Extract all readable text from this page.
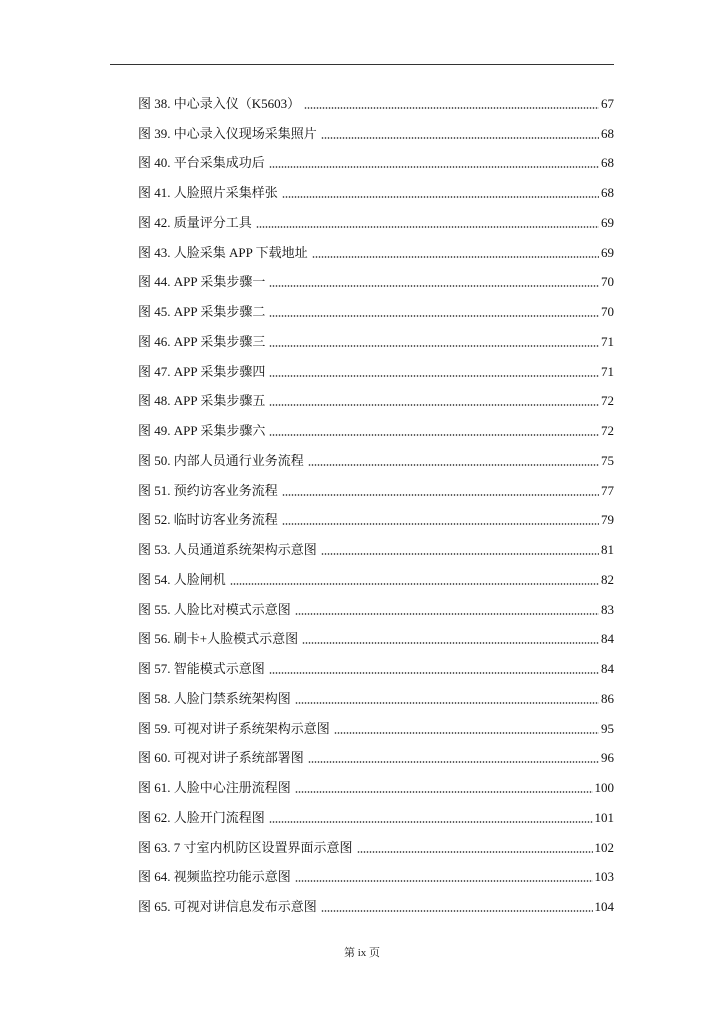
图 38. 中心录入仪（K5603）	67
图 39. 中心录入仪现场采集照片	68
图 40. 平台采集成功后	68
图 41. 人脸照片采集样张	68
图 42. 质量评分工具	69
图 43. 人脸采集 APP 下载地址	69
图 44. APP 采集步骤一	70
图 45. APP 采集步骤二	70
图 46. APP 采集步骤三	71
图 47. APP 采集步骤四	71
图 48. APP 采集步骤五	72
图 49. APP 采集步骤六	72
图 50. 内部人员通行业务流程	75
图 51. 预约访客业务流程	77
图 52. 临时访客业务流程	79
图 53. 人员通道系统架构示意图	81
图 54. 人脸闸机	82
图 55. 人脸比对模式示意图	83
图 56. 刷卡+人脸模式示意图	84
图 57. 智能模式示意图	84
图 58. 人脸门禁系统架构图	86
图 59. 可视对讲子系统架构示意图	95
图 60. 可视对讲子系统部署图	96
图 61. 人脸中心注册流程图	100
图 62. 人脸开门流程图	101
图 63. 7 寸室内机防区设置界面示意图	102
图 64. 视频监控功能示意图	103
图 65. 可视对讲信息发布示意图	104
第 ix 页
